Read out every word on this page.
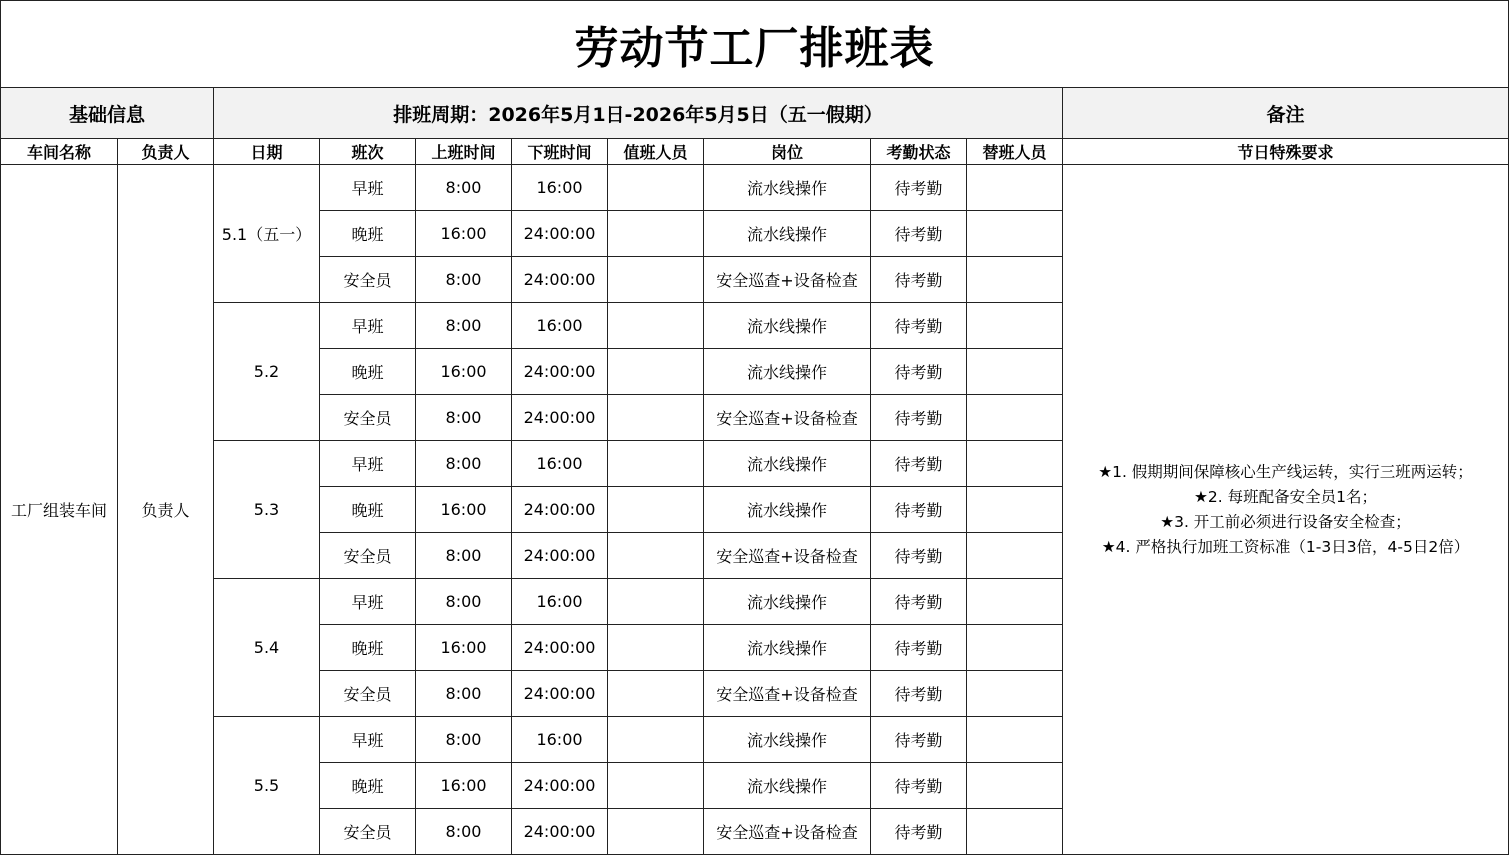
劳动节工厂排班表										
基础信息		排班周期：2026年5月1日-2026年5月5日（五一假期）								备注
车间名称	负责人	日期	班次	上班时间	下班时间	值班人员	岗位	考勤状态	替班人员	节日特殊要求
工厂组装车间	负责人	5.1（五一）	早班	8:00	16:00		流水线操作	待考勤		★1. 假期期间保障核心生产线运转，实行三班两运转；
★2. 每班配备安全员1名；
★3. 开工前必须进行设备安全检查；
★4. 严格执行加班工资标准（1-3日3倍，4-5日2倍）

			晚班	16:00	24:00:00		流水线操作	待考勤		
			安全员	8:00	24:00:00		安全巡查+设备检查	待考勤		
		5.2	早班	8:00	16:00		流水线操作	待考勤		
			晚班	16:00	24:00:00		流水线操作	待考勤		
			安全员	8:00	24:00:00		安全巡查+设备检查	待考勤		
		5.3	早班	8:00	16:00		流水线操作	待考勤		
			晚班	16:00	24:00:00		流水线操作	待考勤		
			安全员	8:00	24:00:00		安全巡查+设备检查	待考勤		
		5.4	早班	8:00	16:00		流水线操作	待考勤		
			晚班	16:00	24:00:00		流水线操作	待考勤		
			安全员	8:00	24:00:00		安全巡查+设备检查	待考勤		
		5.5	早班	8:00	16:00		流水线操作	待考勤		
			晚班	16:00	24:00:00		流水线操作	待考勤		
			安全员	8:00	24:00:00		安全巡查+设备检查	待考勤		
